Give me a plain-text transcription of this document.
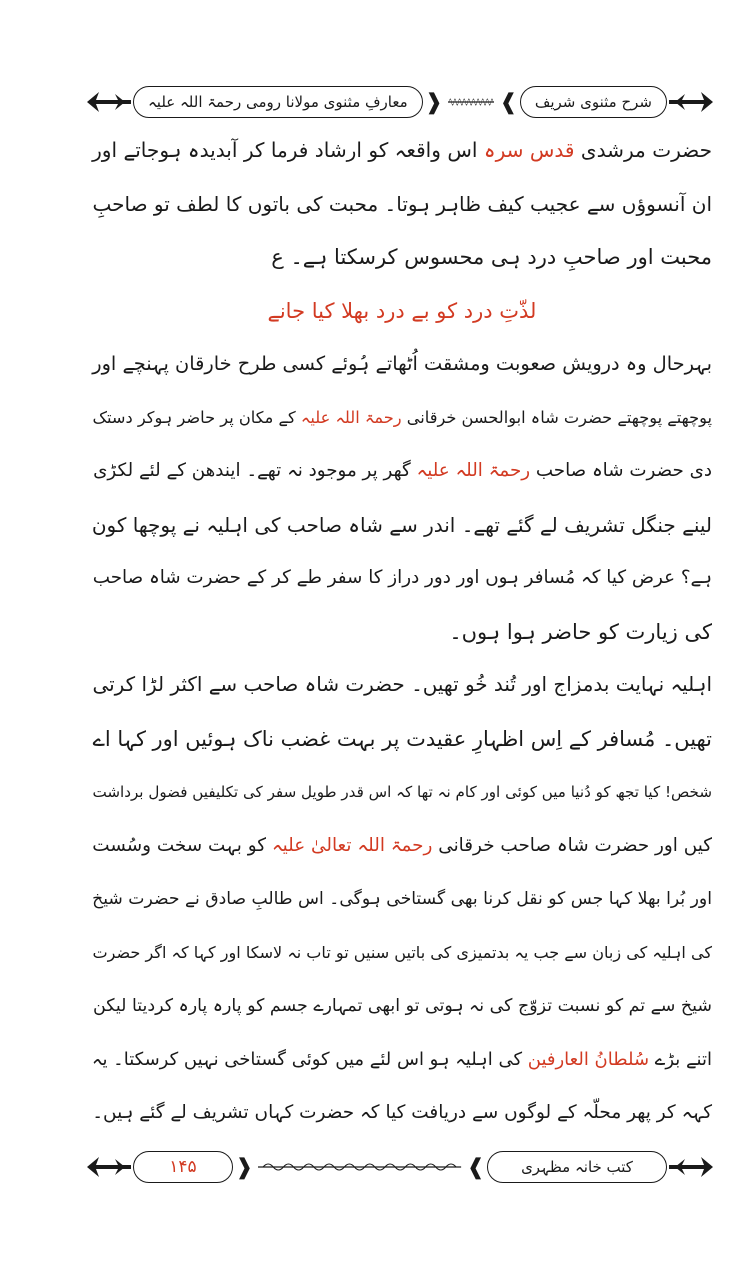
معارفِ مثنوی مولانا رومی رحمۃ اللہ علیہ ❱	❰ شرح مثنوی شریف
حضرت مرشدی قدس سرہ اس واقعہ کو ارشاد فرما کر آبدیدہ ہوجاتے اور
ان آنسوؤں سے عجیب کیف ظاہر ہوتا۔ محبت کی باتوں کا لطف تو صاحبِ
محبت اور صاحبِ درد ہی محسوس کرسکتا ہے۔ ع
لذّتِ درد کو بے درد بھلا کیا جانے
بہرحال وہ درویش صعوبت ومشقت اُٹھاتے ہُوئے کسی طرح خارقان پہنچے اور
پوچھتے پوچھتے حضرت شاہ ابوالحسن خرقانی رحمۃ اللہ علیہ کے مکان پر حاضر ہوکر دستک
دی حضرت شاہ صاحب رحمۃ اللہ علیہ گھر پر موجود نہ تھے۔ ایندھن کے لئے لکڑی
لینے جنگل تشریف لے گئے تھے۔ اندر سے شاہ صاحب کی اہلیہ نے پوچھا کون
ہے؟ عرض کیا کہ مُسافر ہوں اور دور دراز کا سفر طے کر کے حضرت شاہ صاحب
کی زیارت کو حاضر ہوا ہوں۔
اہلیہ نہایت بدمزاج اور تُند خُو تھیں۔ حضرت شاہ صاحب سے اکثر لڑا کرتی
تھیں۔ مُسافر کے اِس اظہارِ عقیدت پر بہت غضب ناک ہوئیں اور کہا اے
شخص! کیا تجھ کو دُنیا میں کوئی اور کام نہ تھا کہ اس قدر طویل سفر کی تکلیفیں فضول برداشت
کیں اور حضرت شاہ صاحب خرقانی رحمۃ اللہ تعالیٰ علیہ کو بہت سخت وسُست
اور بُرا بھلا کہا جس کو نقل کرنا بھی گستاخی ہوگی۔ اس طالبِ صادق نے حضرت شیخ
کی اہلیہ کی زبان سے جب یہ بدتمیزی کی باتیں سنیں تو تاب نہ لاسکا اور کہا کہ اگر حضرت
شیخ سے تم کو نسبت تزوّج کی نہ ہوتی تو ابھی تمہارے جسم کو پارہ پارہ کردیتا لیکن
اتنے بڑے سُلطانُ العارفین کی اہلیہ ہو اس لئے میں کوئی گستاخی نہیں کرسکتا۔ یہ
کہہ کر پھر محلّہ کے لوگوں سے دریافت کیا کہ حضرت کہاں تشریف لے گئے ہیں۔
۱۴۵ ❱	❰ کتب خانہ مظہری
